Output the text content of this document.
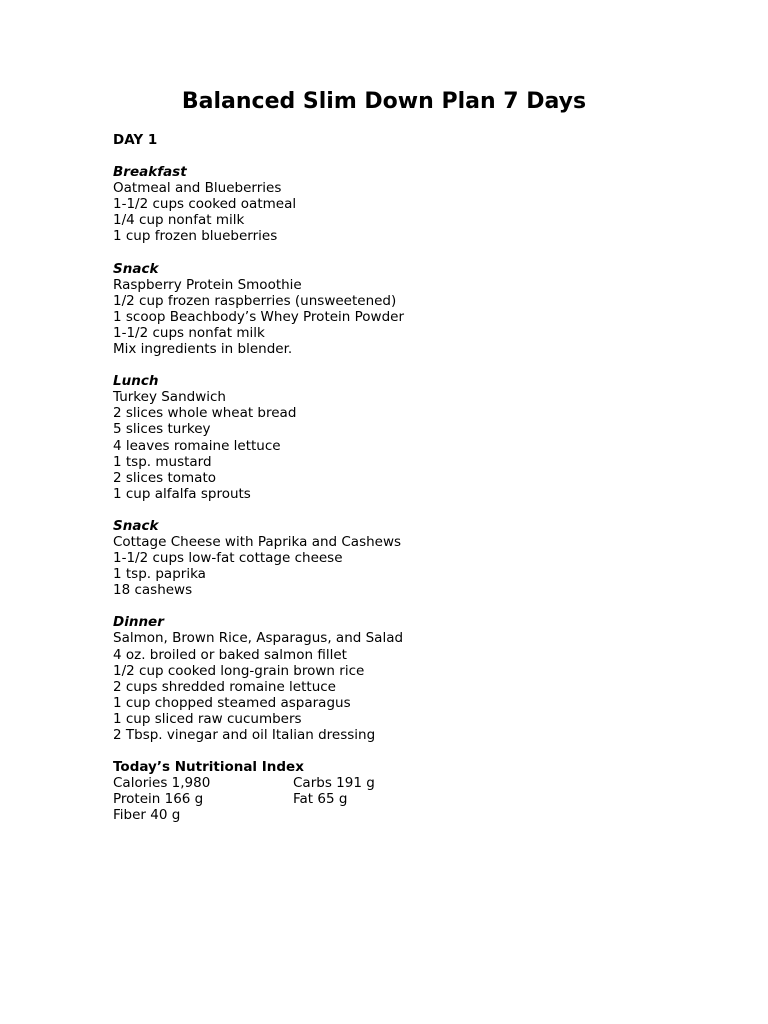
Balanced Slim Down Plan 7 Days
DAY 1
Breakfast
Oatmeal and Blueberries
1-1/2 cups cooked oatmeal
1/4 cup nonfat milk
1 cup frozen blueberries
Snack
Raspberry Protein Smoothie
1/2 cup frozen raspberries (unsweetened)
1 scoop Beachbody’s Whey Protein Powder
1-1/2 cups nonfat milk
Mix ingredients in blender.
Lunch
Turkey Sandwich
2 slices whole wheat bread
5 slices turkey
4 leaves romaine lettuce
1 tsp. mustard
2 slices tomato
1 cup alfalfa sprouts
Snack
Cottage Cheese with Paprika and Cashews
1-1/2 cups low-fat cottage cheese
1 tsp. paprika
18 cashews
Dinner
Salmon, Brown Rice, Asparagus, and Salad
4 oz. broiled or baked salmon fillet
1/2 cup cooked long-grain brown rice
2 cups shredded romaine lettuce
1 cup chopped steamed asparagus
1 cup sliced raw cucumbers
2 Tbsp. vinegar and oil Italian dressing
Today’s Nutritional Index
Calories 1,980	Carbs 191 g
Protein 166 g	Fat 65 g
Fiber 40 g
